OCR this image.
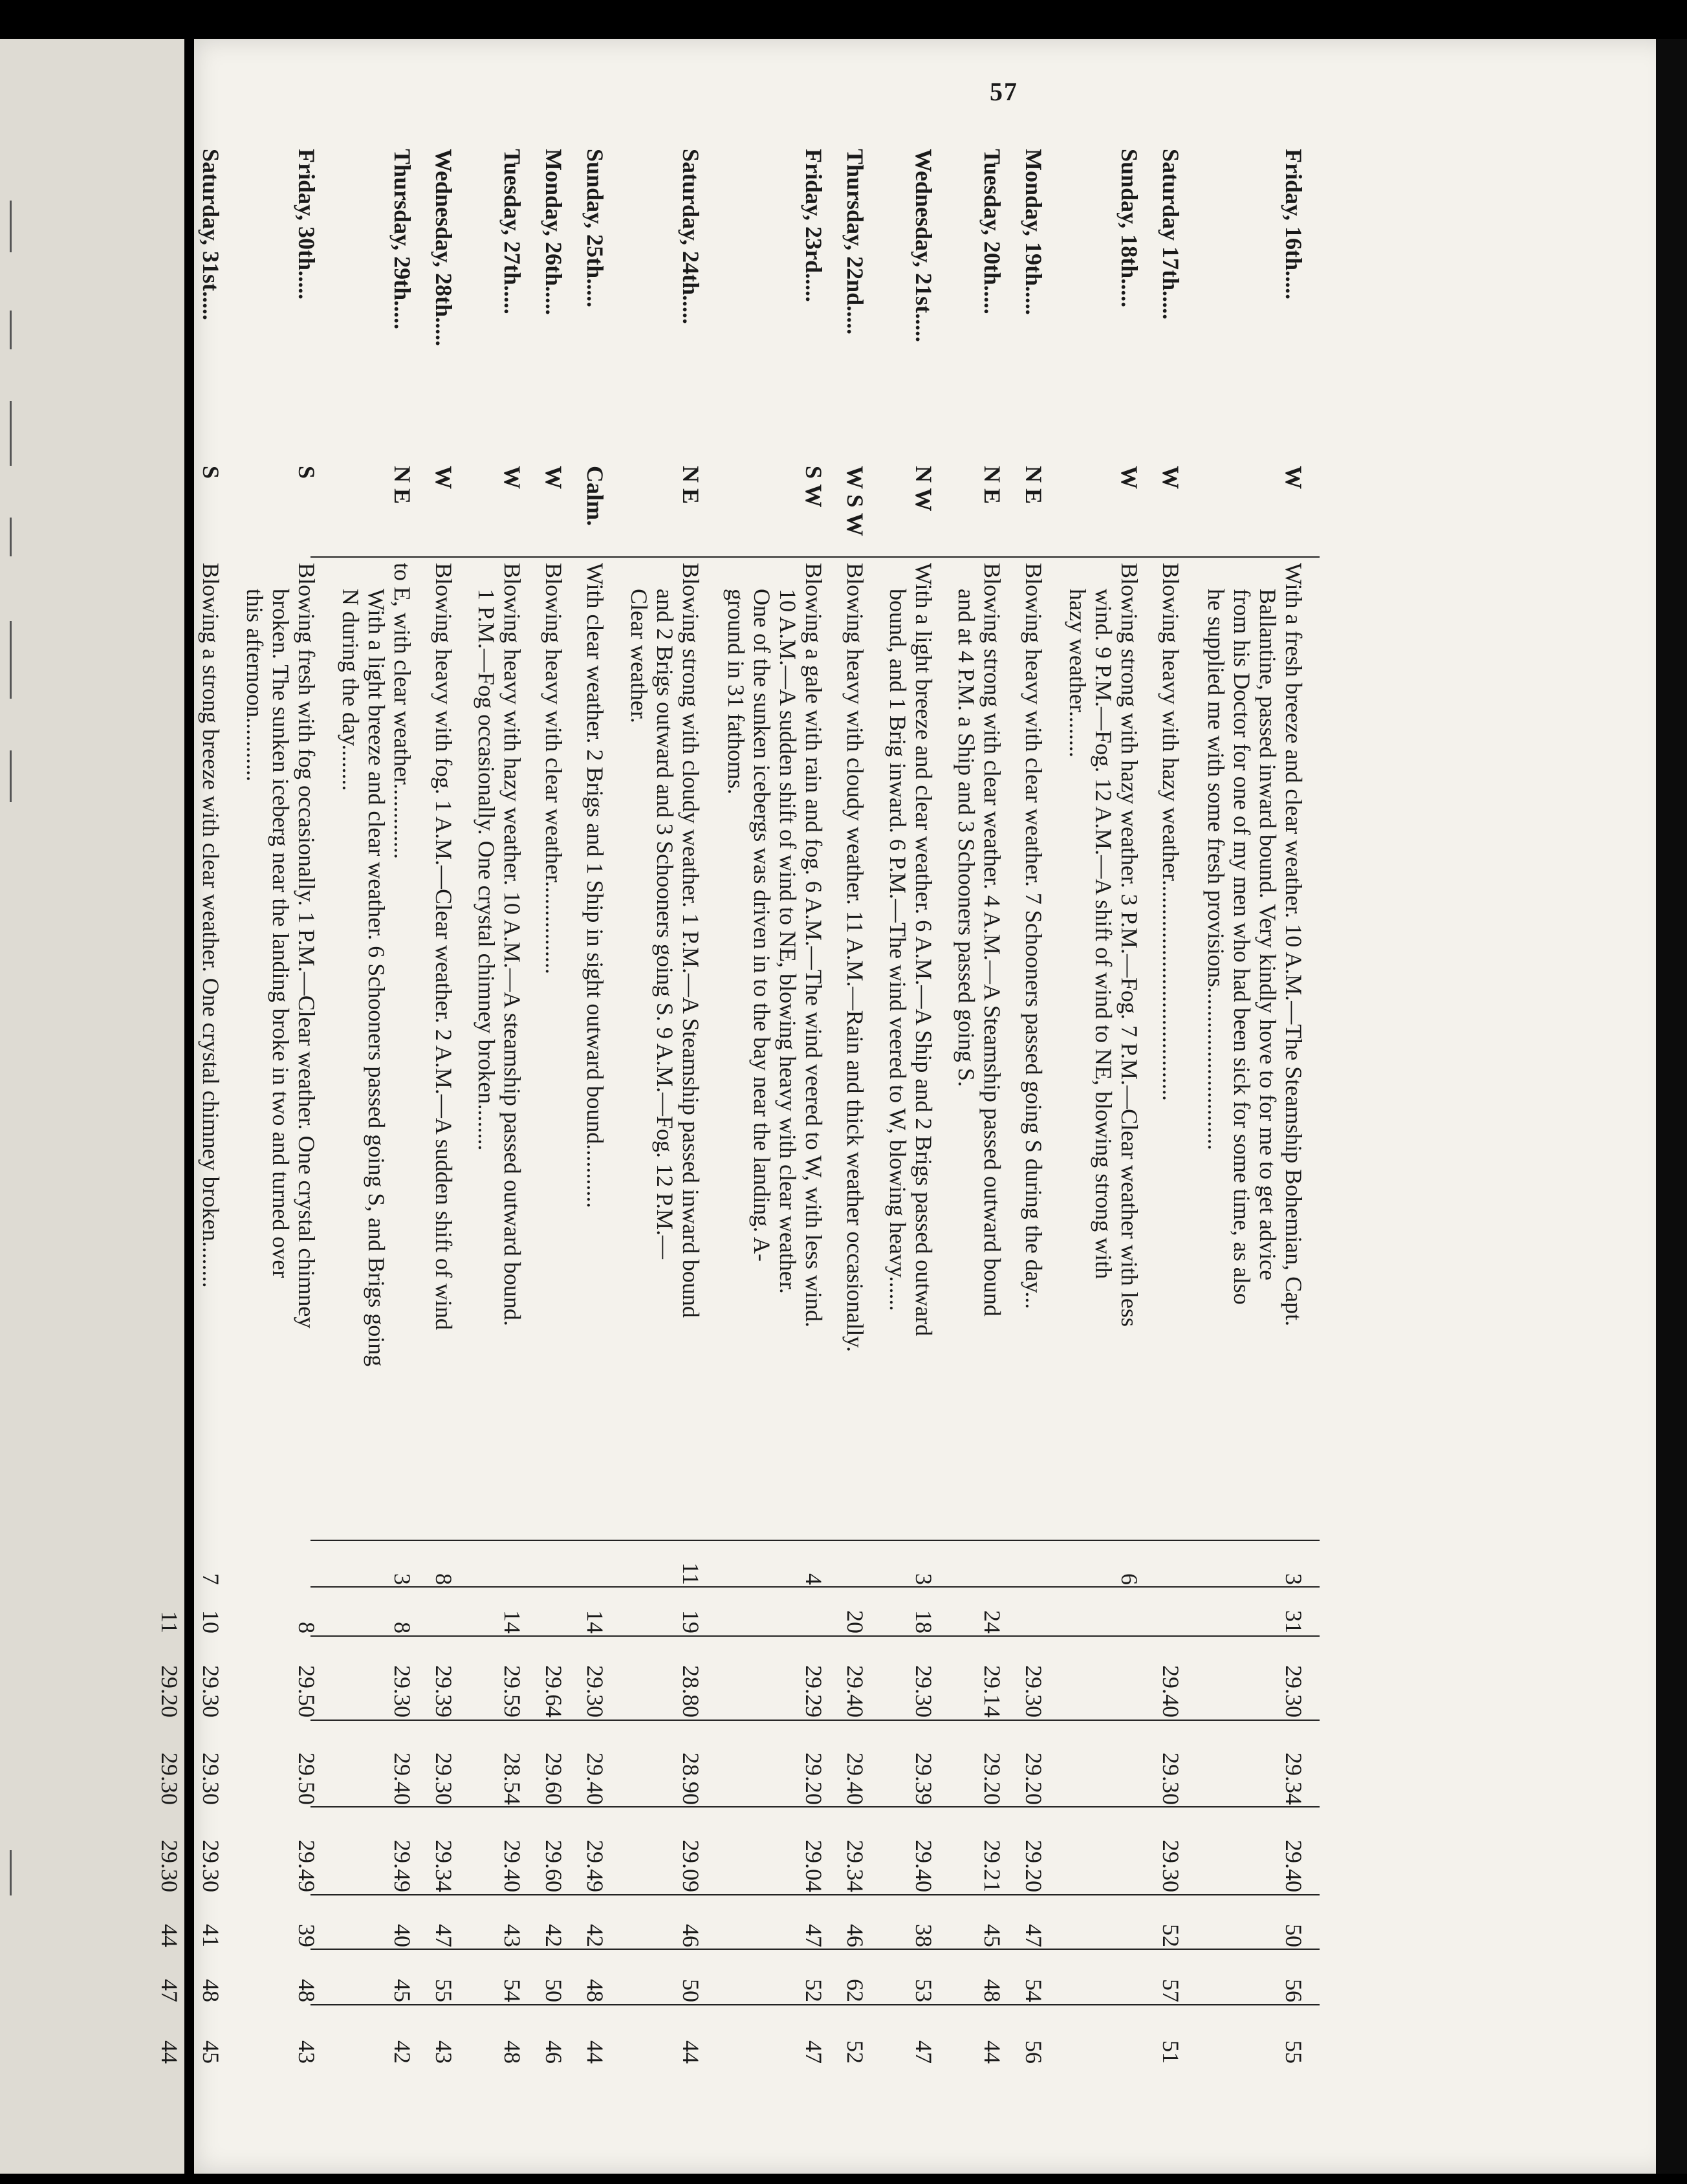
57
Friday, 16th.....
W
With a fresh breeze and clear weather. 10 A.M.—The Steamship Bohemian, Capt.
Ballantine, passed inward bound. Very kindly hove to for me to get advice
from his Doctor for one of my men who had been sick for some time, as also
he supplied me with some fresh provisions............................
3
31
29.30
29.34
29.40
50
56
55
Saturday 17th.....
W
Blowing heavy with hazy weather......................................
29.40
29.30
29.30
52
57
51
Sunday, 18th.....
W
Blowing strong with hazy weather. 3 P.M.—Fog. 7 P.M.—Clear weather with less
wind. 9 P.M.—Fog. 12 A.M.—A shift of wind to NE, blowing strong with
hazy weather........
6
Monday, 19th.....
N E
Blowing heavy with clear weather. 7 Schooners passed going S during the day...
29.30
29.20
29.20
47
54
56
Tuesday, 20th.....
N E
Blowing strong with clear weather. 4 A.M.—A Steamship passed outward bound
and at 4 P.M. a Ship and 3 Schooners passed going S.
24
29.14
29.20
29.21
45
48
44
Wednesday, 21st.....
N W
With a light breeze and clear weather. 6 A.M.—A Ship and 2 Brigs passed outward
bound, and 1 Brig inward. 6 P.M.—The wind veered to W, blowing heavy......
3
18
29.30
29.39
29.40
38
53
47
Thursday, 22nd.....
W S W
Blowing heavy with cloudy weather. 11 A.M.—Rain and thick weather occasionally.
20
29.40
29.40
29.34
46
62
52
Friday, 23rd.....
S W
Blowing a gale with rain and fog. 6 A.M.—The wind veered to W, with less wind.
10 A.M.—A sudden shift of wind to NE, blowing heavy with clear weather.
One of the sunken icebergs was driven in to the bay near the landing. A-
ground in 31 fathoms.
4
29.29
29.20
29.04
47
52
47
Saturday, 24th.....
N E
Blowing strong with cloudy weather. 1 P.M.—A Steamship passed inward bound
and 2 Brigs outward and 3 Schooners going S. 9 A.M.—Fog. 12 P.M.—
Clear weather.
11
19
28.80
28.90
29.09
46
50
44
Sunday, 25th.....
Calm.
With clear weather. 2 Brigs and 1 Ship in sight outward bound...........
14
29.30
29.40
29.49
42
48
44
Monday, 26th.....
W
Blowing heavy with clear weather................
29.64
29.60
29.60
42
50
46
Tuesday, 27th.....
W
Blowing heavy with hazy weather. 10 A.M.—A steamship passed outward bound.
1 P.M.—Fog occasionally. One crystal chimney broken........
14
29.59
28.54
29.40
43
54
48
Wednesday, 28th.....
W
Blowing heavy with fog. 1 A.M.—Clear weather. 2 A.M.—A sudden shift of wind
8
29.39
29.30
29.34
47
55
43
Thursday, 29th.....
N E
to E, with clear weather.............
With a light breeze and clear weather. 6 Schooners passed going S, and Brigs going
N during the day........
3
8
29.30
29.40
29.49
40
45
42
Friday, 30th.....
S
Blowing fresh with fog occasionally. 1 P.M.—Clear weather. One crystal chimney
broken. The sunken iceberg near the landing broke in two and turned over
this afternoon...........
8
29.50
29.50
29.49
39
48
43
Saturday, 31st.....
S
Blowing a strong breeze with clear weather. One crystal chimney broken........
7
10
29.30
29.30
29.30
41
48
45
11
29.20
29.30
29.30
44
47
44
